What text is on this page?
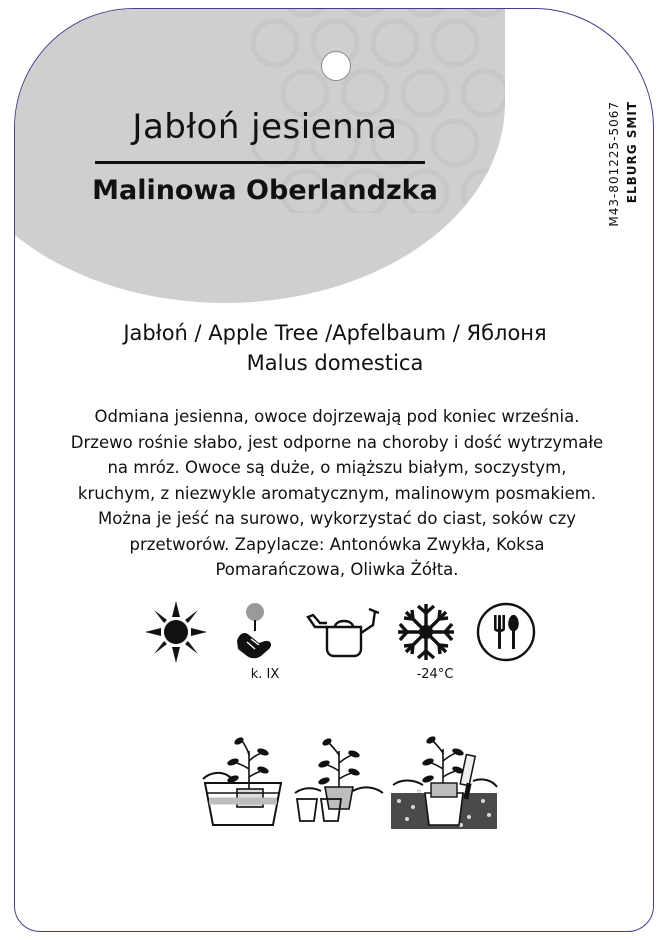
Jabłoń jesienna
Malinowa Oberlandzka	M43-801225-5067 ELBURG SMIT
Jabłoń / Apple Tree /Apfelbaum / Яблоня
Malus domestica
Odmiana jesienna, owoce dojrzewają pod koniec września. Drzewo rośnie słabo, jest odporne na choroby i dość wytrzymałe na mróz. Owoce są duże, o miąższu białym, soczystym, kruchym, z niezwykle aromatycznym, malinowym posmakiem. Można je jeść na surowo, wykorzystać do ciast, soków czy przetworów. Zapylacze: Antonówka Zwykła, Koksa Pomarańczowa, Oliwka Żółta.
k. IX	-24°C
